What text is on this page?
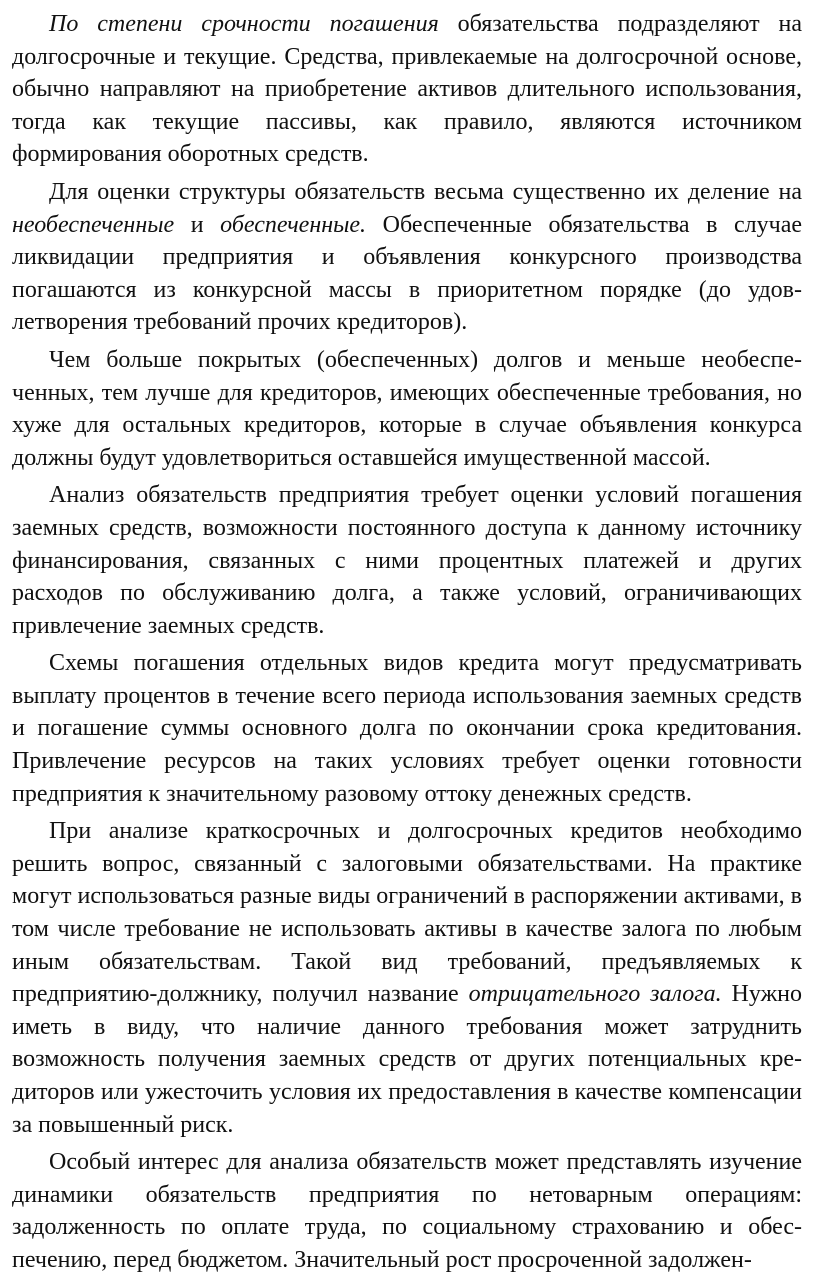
По степени срочности погашения обязательства подразделяют на долгосрочные и текущие. Средства, привлекаемые на долгосрочной основе, обычно направляют на приобретение активов длительного использования, тогда как текущие пассивы, как правило, являются источником формирования оборотных средств.

Для оценки структуры обязательств весьма существенно их деление на необеспеченные и обеспеченные. Обеспеченные обязательства в случае ликвидации предприятия и объявления конкурсного производства погашаются из конкурсной массы в приоритетном порядке (до удовлетворения требований прочих кредиторов).

Чем больше покрытых (обеспеченных) долгов и меньше необеспеченных, тем лучше для кредиторов, имеющих обеспеченные требования, но хуже для остальных кредиторов, которые в случае объявления конкурса должны будут удовлетвориться оставшейся имущественной массой.

Анализ обязательств предприятия требует оценки условий погашения заемных средств, возможности постоянного доступа к данному источнику финансирования, связанных с ними процентных платежей и других расходов по обслуживанию долга, а также условий, ограничивающих привлечение заемных средств.

Схемы погашения отдельных видов кредита могут предусматривать выплату процентов в течение всего периода использования заемных средств и погашение суммы основного долга по окончании срока кредитования. Привлечение ресурсов на таких условиях требует оценки готовности предприятия к значительному разовому оттоку денежных средств.

При анализе краткосрочных и долгосрочных кредитов необходимо решить вопрос, связанный с залоговыми обязательствами. На практике могут использоваться разные виды ограничений в распоряжении активами, в том числе требование не использовать активы в качестве залога по любым иным обязательствам. Такой вид требований, предъявляемых к предприятию-должнику, получил название отрицательного залога. Нужно иметь в виду, что наличие данного требования может затруднить возможность получения заемных средств от других потенциальных кредиторов или ужесточить условия их предоставления в качестве компенсации за повышенный риск.

Особый интерес для анализа обязательств может представлять изучение динамики обязательств предприятия по нетоварным операциям: задолженность по оплате труда, по социальному страхованию и обеспечению, перед бюджетом. Значительный рост просроченной задолжен-
